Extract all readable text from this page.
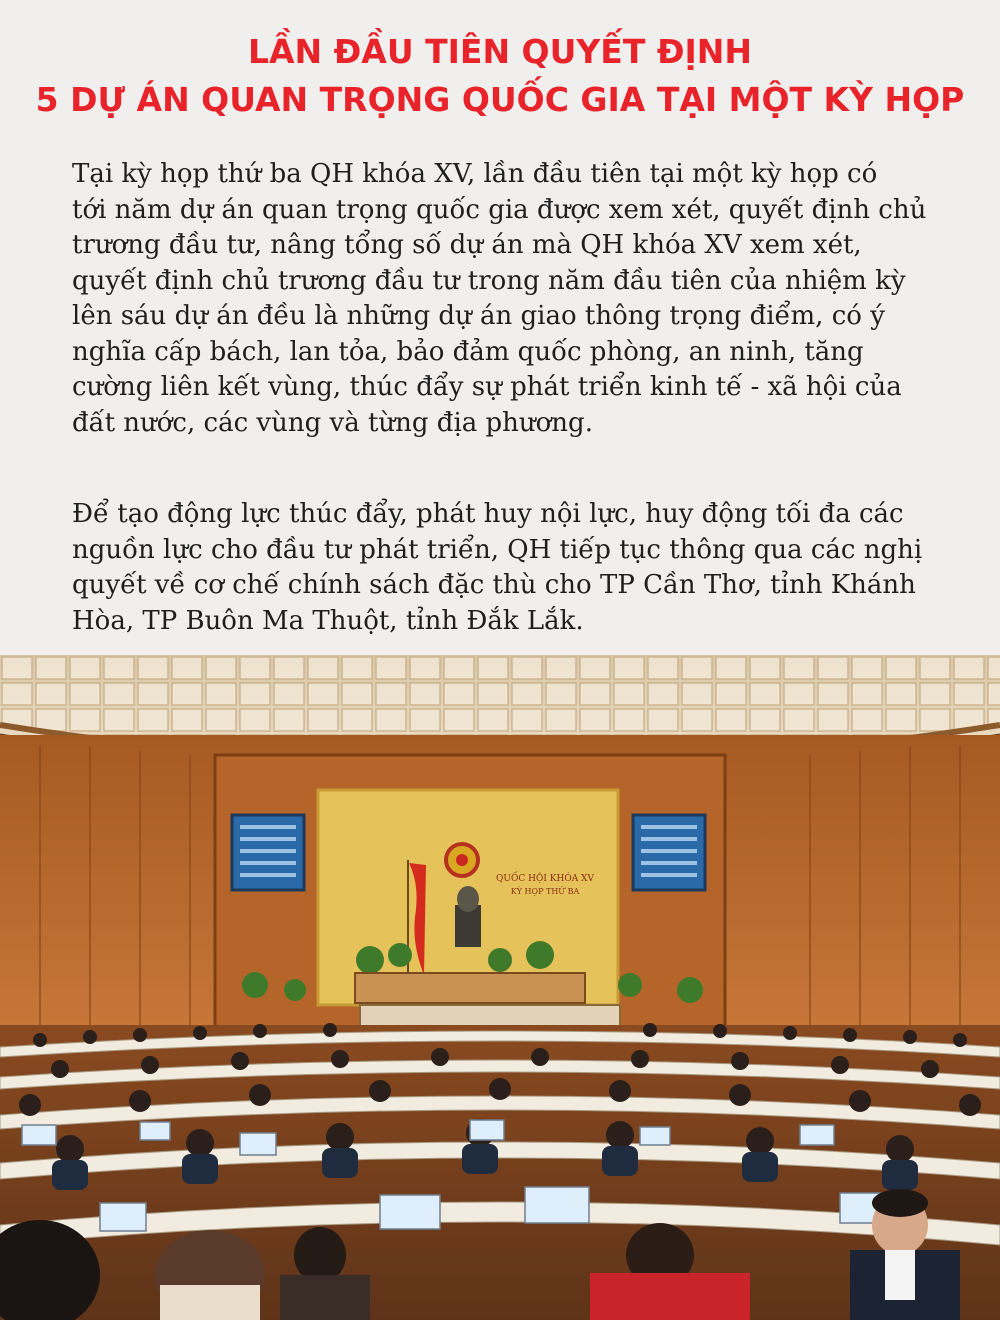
LẦN ĐẦU TIÊN QUYẾT ĐỊNH
5 DỰ ÁN QUAN TRỌNG QUỐC GIA TẠI MỘT KỲ HỌP
Tại kỳ họp thứ ba QH khóa XV, lần đầu tiên tại một kỳ họp có
tới năm dự án quan trọng quốc gia được xem xét, quyết định chủ
trương đầu tư, nâng tổng số dự án mà QH khóa XV xem xét,
quyết định chủ trương đầu tư trong năm đầu tiên của nhiệm kỳ
lên sáu dự án đều là những dự án giao thông trọng điểm, có ý
nghĩa cấp bách, lan tỏa, bảo đảm quốc phòng, an ninh, tăng
cường liên kết vùng, thúc đẩy sự phát triển kinh tế - xã hội của
đất nước, các vùng và từng địa phương.
Để tạo động lực thúc đẩy, phát huy nội lực, huy động tối đa các
nguồn lực cho đầu tư phát triển, QH tiếp tục thông qua các nghị
quyết về cơ chế chính sách đặc thù cho TP Cần Thơ, tỉnh Khánh
Hòa, TP Buôn Ma Thuột, tỉnh Đắk Lắk.
QUỐC HỘI KHÓA XV
KỲ HỌP THỨ BA
